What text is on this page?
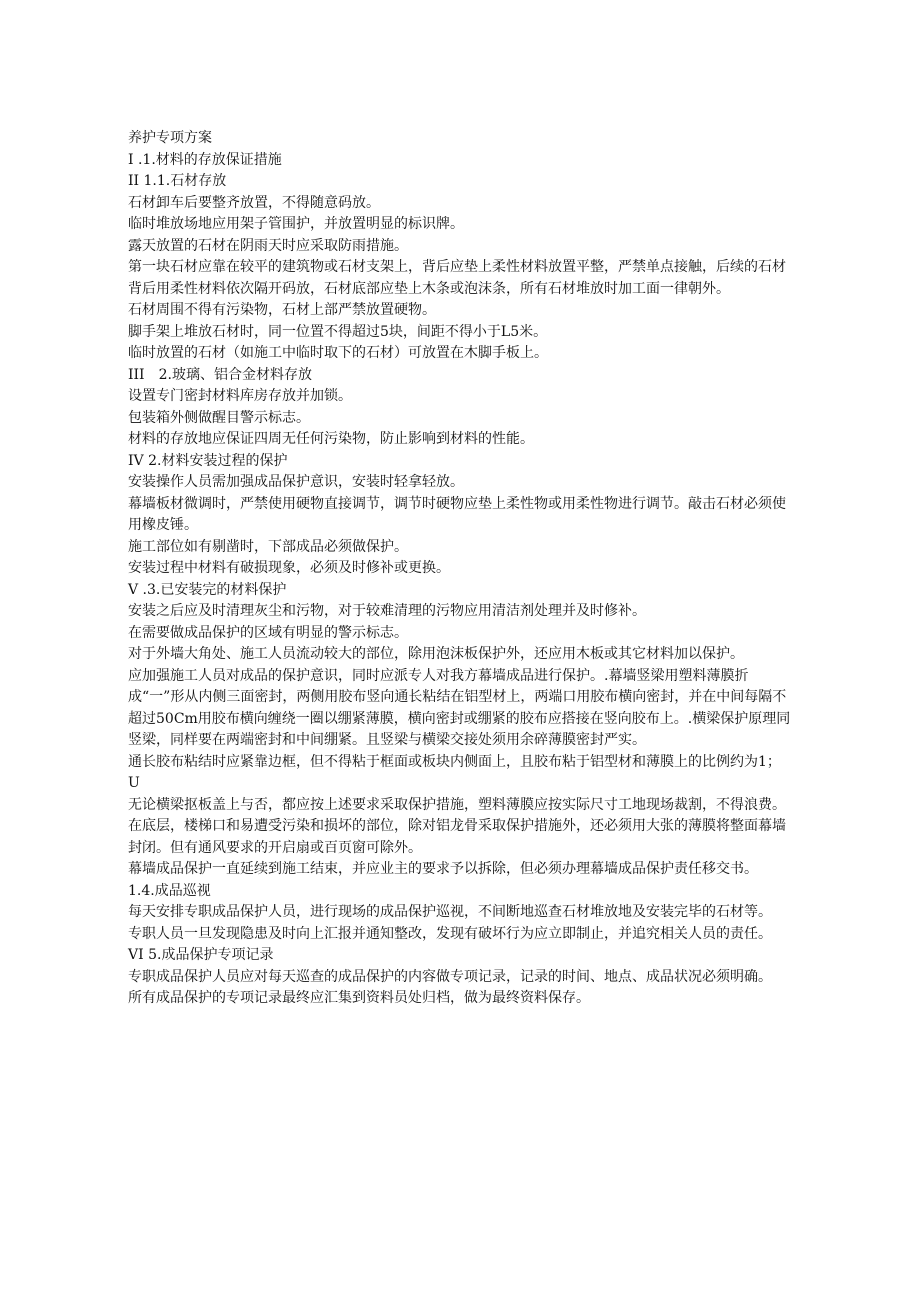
养护专项方案

I .1.材料的存放保证措施

II 1.1.石材存放

石材卸车后要整齐放置，不得随意码放。

临时堆放场地应用架子管围护，并放置明显的标识牌。

露天放置的石材在阴雨天时应采取防雨措施。

第一块石材应靠在较平的建筑物或石材支架上，背后应垫上柔性材料放置平整，严禁单点接触，后续的石材背后用柔性材料依次隔开码放，石材底部应垫上木条或泡沫条，所有石材堆放时加工面一律朝外。

石材周围不得有污染物，石材上部严禁放置硬物。

脚手架上堆放石材时，同一位置不得超过5块，间距不得小于L5米。

临时放置的石材（如施工中临时取下的石材）可放置在木脚手板上。

III　2.玻璃、铝合金材料存放

设置专门密封材料库房存放并加锁。

包装箱外侧做醒目警示标志。

材料的存放地应保证四周无任何污染物，防止影响到材料的性能。

IV 2.材料安装过程的保护

安装操作人员需加强成品保护意识，安装时轻拿轻放。

幕墙板材微调时，严禁使用硬物直接调节，调节时硬物应垫上柔性物或用柔性物进行调节。敲击石材必须使用橡皮锤。

施工部位如有剔凿时，下部成品必须做保护。

安装过程中材料有破损现象，必须及时修补或更换。

V .3.已安装完的材料保护

安装之后应及时清理灰尘和污物，对于较难清理的污物应用清洁剂处理并及时修补。

在需要做成品保护的区域有明显的警示标志。

对于外墙大角处、施工人员流动较大的部位，除用泡沫板保护外，还应用木板或其它材料加以保护。

应加强施工人员对成品的保护意识，同时应派专人对我方幕墙成品进行保护。.幕墙竖梁用塑料薄膜折成“一”形从内侧三面密封，两侧用胶布竖向通长粘结在铝型材上，两端口用胶布横向密封，并在中间每隔不超过50Cm用胶布横向缠绕一圈以绷紧薄膜，横向密封或绷紧的胶布应搭接在竖向胶布上。.横梁保护原理同竖梁，同样要在两端密封和中间绷紧。且竖梁与横梁交接处须用余碎薄膜密封严实。

通长胶布粘结时应紧靠边框，但不得粘于框面或板块内侧面上，且胶布粘于铝型材和薄膜上的比例约为1；U

无论横梁抠板盖上与否，都应按上述要求采取保护措施，塑料薄膜应按实际尺寸工地现场裁割，不得浪费。

在底层，楼梯口和易遭受污染和损坏的部位，除对铝龙骨采取保护措施外，还必须用大张的薄膜将整面幕墙封闭。但有通风要求的开启扇或百页窗可除外。

幕墙成品保护一直延续到施工结束，并应业主的要求予以拆除，但必须办理幕墙成品保护责任移交书。

1.4.成品巡视

每天安排专职成品保护人员，进行现场的成品保护巡视，不间断地巡查石材堆放地及安装完毕的石材等。

专职人员一旦发现隐患及时向上汇报并通知整改，发现有破坏行为应立即制止，并追究相关人员的责任。

VI 5.成品保护专项记录

专职成品保护人员应对每天巡查的成品保护的内容做专项记录，记录的时间、地点、成品状况必须明确。

所有成品保护的专项记录最终应汇集到资料员处归档，做为最终资料保存。
